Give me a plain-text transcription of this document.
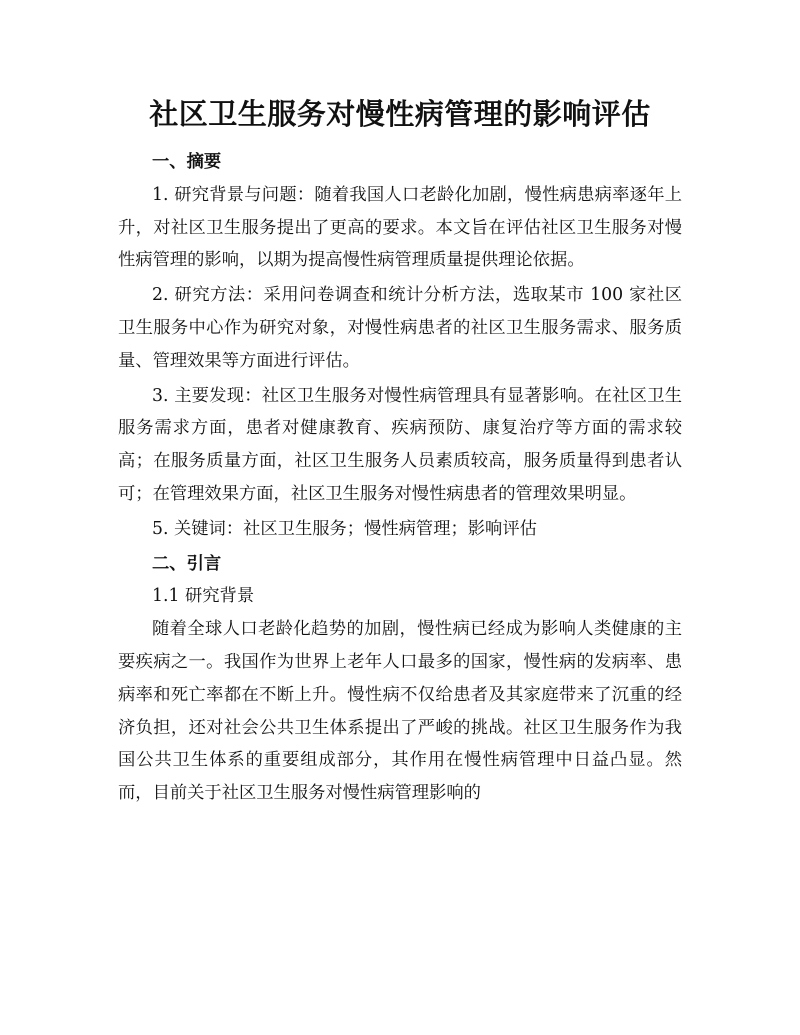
社区卫生服务对慢性病管理的影响评估
一、摘要

1. 研究背景与问题：随着我国人口老龄化加剧，慢性病患病率逐年上升，对社区卫生服务提出了更高的要求。本文旨在评估社区卫生服务对慢性病管理的影响，以期为提高慢性病管理质量提供理论依据。

2. 研究方法：采用问卷调查和统计分析方法，选取某市 100 家社区卫生服务中心作为研究对象，对慢性病患者的社区卫生服务需求、服务质量、管理效果等方面进行评估。

3. 主要发现：社区卫生服务对慢性病管理具有显著影响。在社区卫生服务需求方面，患者对健康教育、疾病预防、康复治疗等方面的需求较高；在服务质量方面，社区卫生服务人员素质较高，服务质量得到患者认可；在管理效果方面，社区卫生服务对慢性病患者的管理效果明显。

5. 关键词：社区卫生服务；慢性病管理；影响评估

二、引言
1.1 研究背景

随着全球人口老龄化趋势的加剧，慢性病已经成为影响人类健康的主要疾病之一。我国作为世界上老年人口最多的国家，慢性病的发病率、患病率和死亡率都在不断上升。慢性病不仅给患者及其家庭带来了沉重的经济负担，还对社会公共卫生体系提出了严峻的挑战。社区卫生服务作为我国公共卫生体系的重要组成部分，其作用在慢性病管理中日益凸显。然而，目前关于社区卫生服务对慢性病管理影响的
